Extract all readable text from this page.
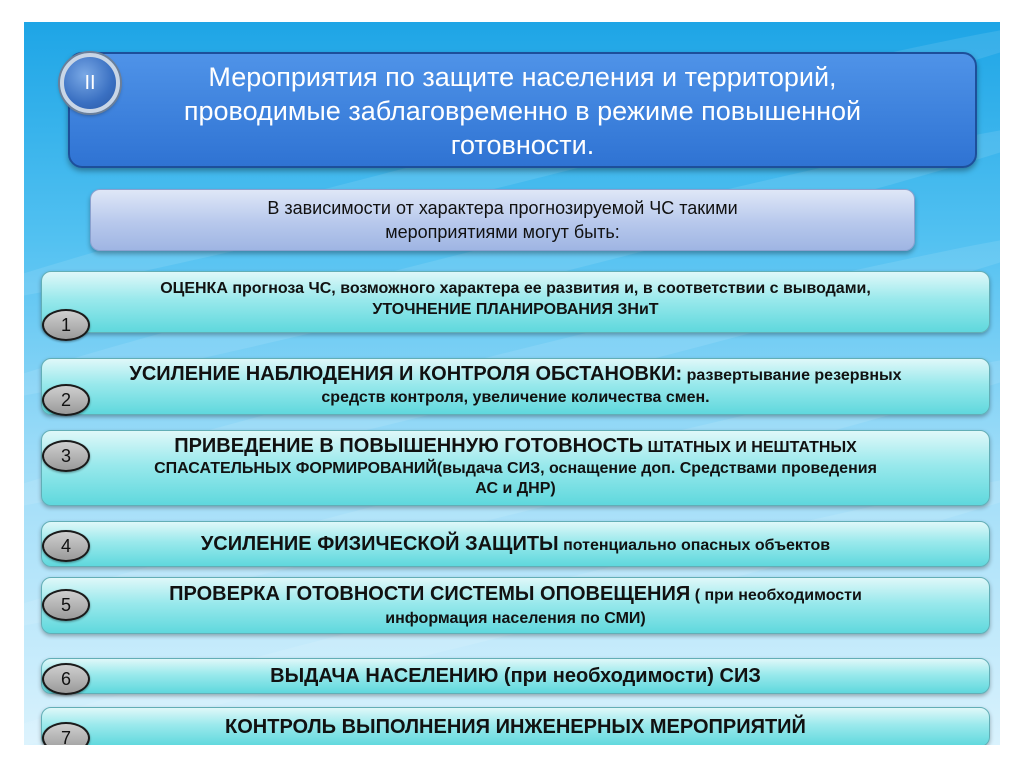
Мероприятия по защите населения и территорий,
проводимые заблаговременно в режиме повышенной
готовности.
II
В зависимости от характера прогнозируемой ЧС такими
мероприятиями могут быть:
ОЦЕНКА прогноза ЧС, возможного характера ее развития и, в соответствии с выводами,
УТОЧНЕНИЕ ПЛАНИРОВАНИЯ ЗНиТ
1
УСИЛЕНИЕ НАБЛЮДЕНИЯ И КОНТРОЛЯ ОБСТАНОВКИ: развертывание резервных
средств контроля, увеличение количества смен.
2
ПРИВЕДЕНИЕ В ПОВЫШЕННУЮ ГОТОВНОСТЬ ШТАТНЫХ И НЕШТАТНЫХ
СПАСАТЕЛЬНЫХ ФОРМИРОВАНИЙ(выдача СИЗ, оснащение доп. Средствами проведения
АС и ДНР)
3
УСИЛЕНИЕ ФИЗИЧЕСКОЙ ЗАЩИТЫ потенциально опасных объектов
4
ПРОВЕРКА ГОТОВНОСТИ СИСТЕМЫ ОПОВЕЩЕНИЯ ( при необходимости
информация населения по СМИ)
5
ВЫДАЧА НАСЕЛЕНИЮ (при необходимости) СИЗ
6
КОНТРОЛЬ ВЫПОЛНЕНИЯ ИНЖЕНЕРНЫХ МЕРОПРИЯТИЙ
7
